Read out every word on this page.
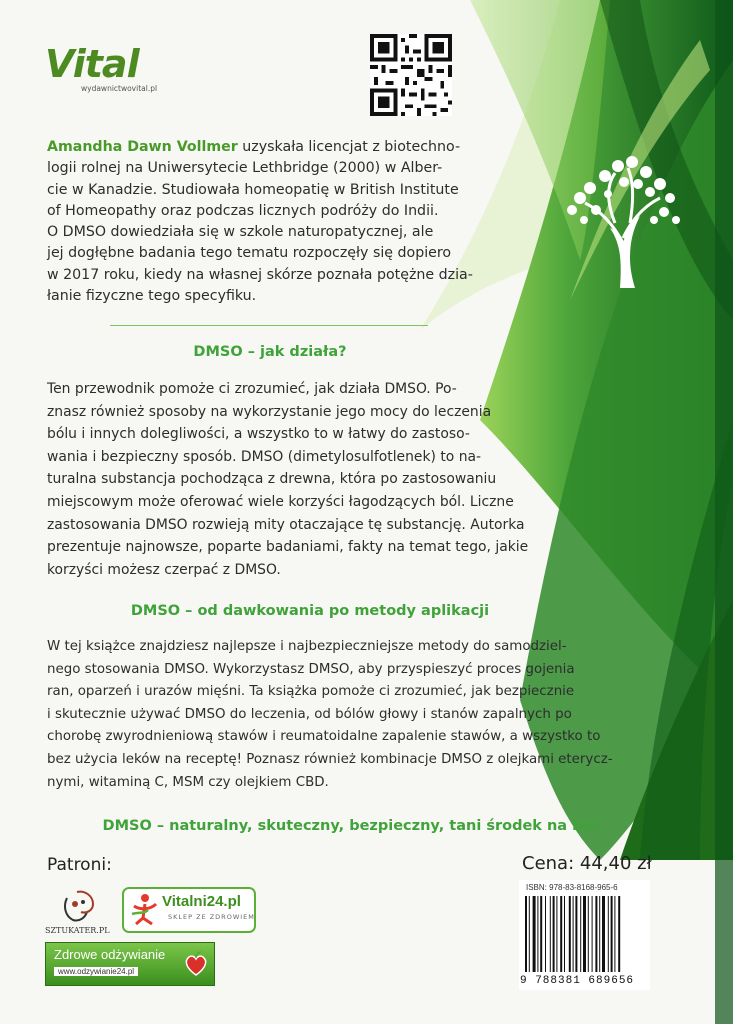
Vital
wydawnictwovital.pl
Amandha Dawn Vollmer uzyskała licencjat z biotechno-
logii rolnej na Uniwersytecie Lethbridge (2000) w Alber-
cie w Kanadzie. Studiowała homeopatię w British Institute
of Homeopathy oraz podczas licznych podróży do Indii.
O DMSO dowiedziała się w szkole naturopatycznej, ale
jej dogłębne badania tego tematu rozpoczęły się dopiero
w 2017 roku, kiedy na własnej skórze poznała potężne dzia-
łanie fizyczne tego specyfiku.
DMSO – jak działa?
Ten przewodnik pomoże ci zrozumieć, jak działa DMSO. Po-
znasz również sposoby na wykorzystanie jego mocy do leczenia
bólu i innych dolegliwości, a wszystko to w łatwy do zastoso-
wania i bezpieczny sposób. DMSO (dimetylosulfotlenek) to na-
turalna substancja pochodząca z drewna, która po zastosowaniu
miejscowym może oferować wiele korzyści łagodzących ból. Liczne
zastosowania DMSO rozwieją mity otaczające tę substancję. Autorka
prezentuje najnowsze, poparte badaniami, fakty na temat tego, jakie
korzyści możesz czerpać z DMSO.
DMSO – od dawkowania po metody aplikacji
W tej książce znajdziesz najlepsze i najbezpieczniejsze metody do samodziel-
nego stosowania DMSO. Wykorzystasz DMSO, aby przyspieszyć proces gojenia
ran, oparzeń i urazów mięśni. Ta książka pomoże ci zrozumieć, jak bezpiecznie
i skutecznie używać DMSO do leczenia, od bólów głowy i stanów zapalnych po
chorobę zwyrodnieniową stawów i reumatoidalne zapalenie stawów, a wszystko to
bez użycia leków na receptę! Poznasz również kombinacje DMSO z olejkami eterycz-
nymi, witaminą C, MSM czy olejkiem CBD.
DMSO – naturalny, skuteczny, bezpieczny, tani środek na ból
Patroni:
SZTUKATER.PL
Vitalni24.pl
SKLEP ZE ZDROWIEM
Zdrowe odżywianie
www.odzywianie24.pl
Cena: 44,40 zł
ISBN: 978-83-8168-965-6
9 788381 689656
